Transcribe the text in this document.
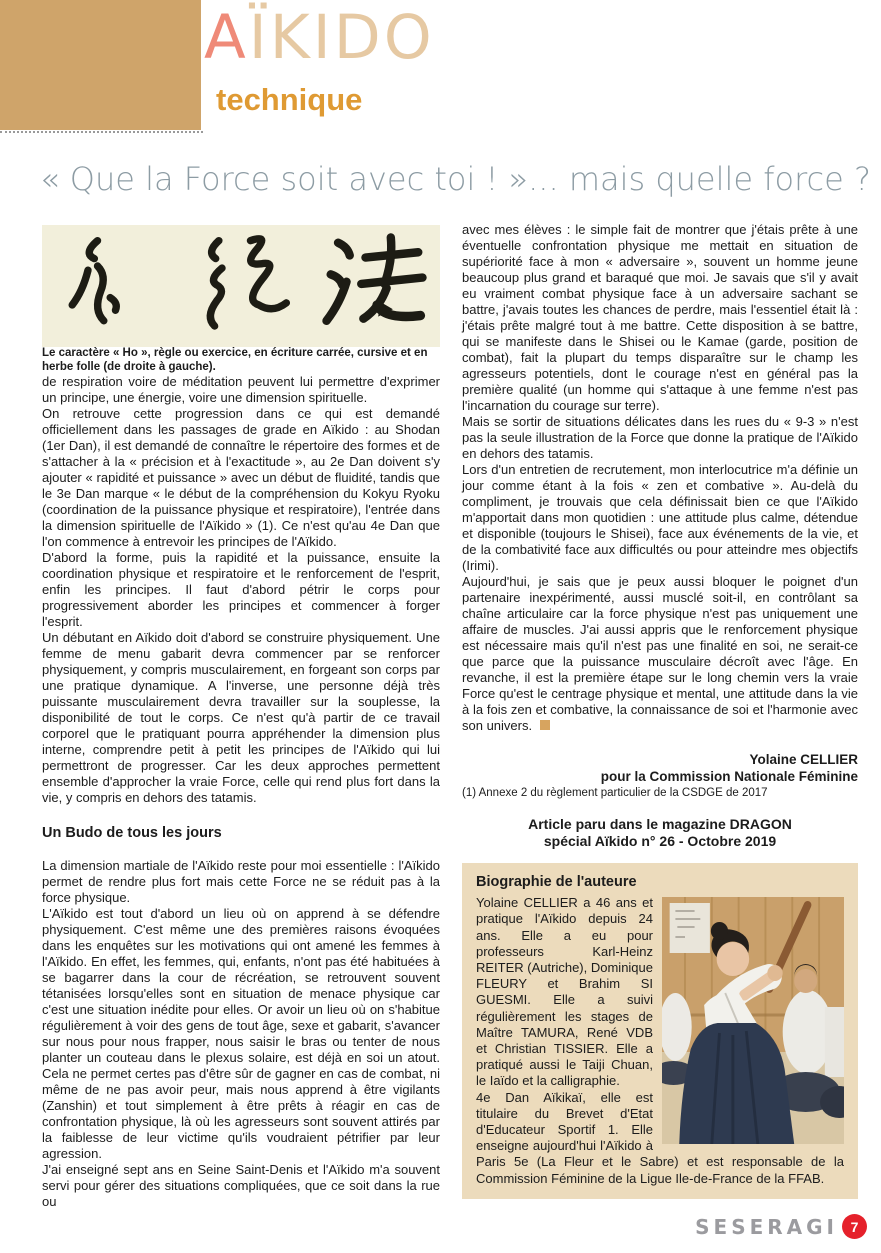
AÏKIDO
technique
« Que la Force soit avec toi ! »... mais quelle force ?

Le caractère « Ho », règle ou exercice, en écriture carrée, cursive et en herbe folle (de droite à gauche).

de respiration voire de méditation peuvent lui permettre d'exprimer un principe, une énergie, voire une dimension spirituelle.

On retrouve cette progression dans ce qui est demandé officiellement dans les passages de grade en Aïkido : au Shodan (1er Dan), il est demandé de connaître le répertoire des formes et de s'attacher à la « précision et à l'exactitude », au 2e Dan doivent s'y ajouter « rapidité et puissance » avec un début de fluidité, tandis que le 3e Dan marque « le début de la compréhension du Kokyu Ryoku (coordination de la puissance physique et respiratoire), l'entrée dans la dimension spirituelle de l'Aïkido » (1). Ce n'est qu'au 4e Dan que l'on commence à entrevoir les principes de l'Aïkido.

D'abord la forme, puis la rapidité et la puissance, ensuite la coordination physique et respiratoire et le renforcement de l'esprit, enfin les principes. Il faut d'abord pétrir le corps pour progressivement aborder les principes et commencer à forger l'esprit.

Un débutant en Aïkido doit d'abord se construire physiquement. Une femme de menu gabarit devra commencer par se renforcer physiquement, y compris musculairement, en forgeant son corps par une pratique dynamique. A l'inverse, une personne déjà très puissante musculairement devra travailler sur la souplesse, la disponibilité de tout le corps. Ce n'est qu'à partir de ce travail corporel que le pratiquant pourra appréhender la dimension plus interne, comprendre petit à petit les principes de l'Aïkido qui lui permettront de progresser. Car les deux approches permettent ensemble d'approcher la vraie Force, celle qui rend plus fort dans la vie, y compris en dehors des tatamis.

Un Budo de tous les jours

La dimension martiale de l'Aïkido reste pour moi essentielle : l'Aïkido permet de rendre plus fort mais cette Force ne se réduit pas à la force physique.

L'Aïkido est tout d'abord un lieu où on apprend à se défendre physiquement. C'est même une des premières raisons évoquées dans les enquêtes sur les motivations qui ont amené les femmes à l'Aïkido. En effet, les femmes, qui, enfants, n'ont pas été habituées à se bagarrer dans la cour de récréation, se retrouvent souvent tétanisées lorsqu'elles sont en situation de menace physique car c'est une situation inédite pour elles. Or avoir un lieu où on s'habitue régulièrement à voir des gens de tout âge, sexe et gabarit, s'avancer sur nous pour nous frapper, nous saisir le bras ou tenter de nous planter un couteau dans le plexus solaire, est déjà en soi un atout. Cela ne permet certes pas d'être sûr de gagner en cas de combat, ni même de ne pas avoir peur, mais nous apprend à être vigilants (Zanshin) et tout simplement à être prêts à réagir en cas de confrontation physique, là où les agresseurs sont souvent attirés par la faiblesse de leur victime qu'ils voudraient pétrifier par leur agression.

J'ai enseigné sept ans en Seine Saint-Denis et l'Aïkido m'a souvent servi pour gérer des situations compliquées, que ce soit dans la rue ou

avec mes élèves : le simple fait de montrer que j'étais prête à une éventuelle confrontation physique me mettait en situation de supériorité face à mon « adversaire », souvent un homme jeune beaucoup plus grand et baraqué que moi. Je savais que s'il y avait eu vraiment combat physique face à un adversaire sachant se battre, j'avais toutes les chances de perdre, mais l'essentiel était là : j'étais prête malgré tout à me battre. Cette disposition à se battre, qui se manifeste dans le Shisei ou le Kamae (garde, position de combat), fait la plupart du temps disparaître sur le champ les agresseurs potentiels, dont le courage n'est en général pas la première qualité (un homme qui s'attaque à une femme n'est pas l'incarnation du courage sur terre).

Mais se sortir de situations délicates dans les rues du « 9-3 » n'est pas la seule illustration de la Force que donne la pratique de l'Aïkido en dehors des tatamis.

Lors d'un entretien de recrutement, mon interlocutrice m'a définie un jour comme étant à la fois « zen et combative ». Au-delà du compliment, je trouvais que cela définissait bien ce que l'Aïkido m'apportait dans mon quotidien : une attitude plus calme, détendue et disponible (toujours le Shisei), face aux événements de la vie, et de la combativité face aux difficultés ou pour atteindre mes objectifs (Irimi).

Aujourd'hui, je sais que je peux aussi bloquer le poignet d'un partenaire inexpérimenté, aussi musclé soit-il, en contrôlant sa chaîne articulaire car la force physique n'est pas uniquement une affaire de muscles. J'ai aussi appris que le renforcement physique est nécessaire mais qu'il n'est pas une finalité en soi, ne serait-ce que parce que la puissance musculaire décroît avec l'âge. En revanche, il est la première étape sur le long chemin vers la vraie Force qu'est le centrage physique et mental, une attitude dans la vie à la fois zen et combative, la connaissance de soi et l'harmonie avec son univers.

Yolaine CELLIER
pour la Commission Nationale Féminine

(1) Annexe 2 du règlement particulier de la CSDGE de 2017

Article paru dans le magazine DRAGON
spécial Aïkido n° 26 - Octobre 2019
Biographie de l'auteure

Yolaine CELLIER a 46 ans et pratique l'Aïkido depuis 24 ans. Elle a eu pour professeurs Karl-Heinz REITER (Autriche), Dominique FLEURY et Brahim SI GUESMI. Elle a suivi régulièrement les stages de Maître TAMURA, René VDB et Christian TISSIER. Elle a pratiqué aussi le Taiji Chuan, le Iaïdo et la calligraphie.

4e Dan Aïkikaï, elle est titulaire du Brevet d'Etat d'Educateur Sportif 1. Elle enseigne aujourd'hui l'Aïkido à Paris 5e (La Fleur et le Sabre) et est responsable de la Commission Féminine de la Ligue Ile-de-France de la FFAB.

SESERAGI 7
